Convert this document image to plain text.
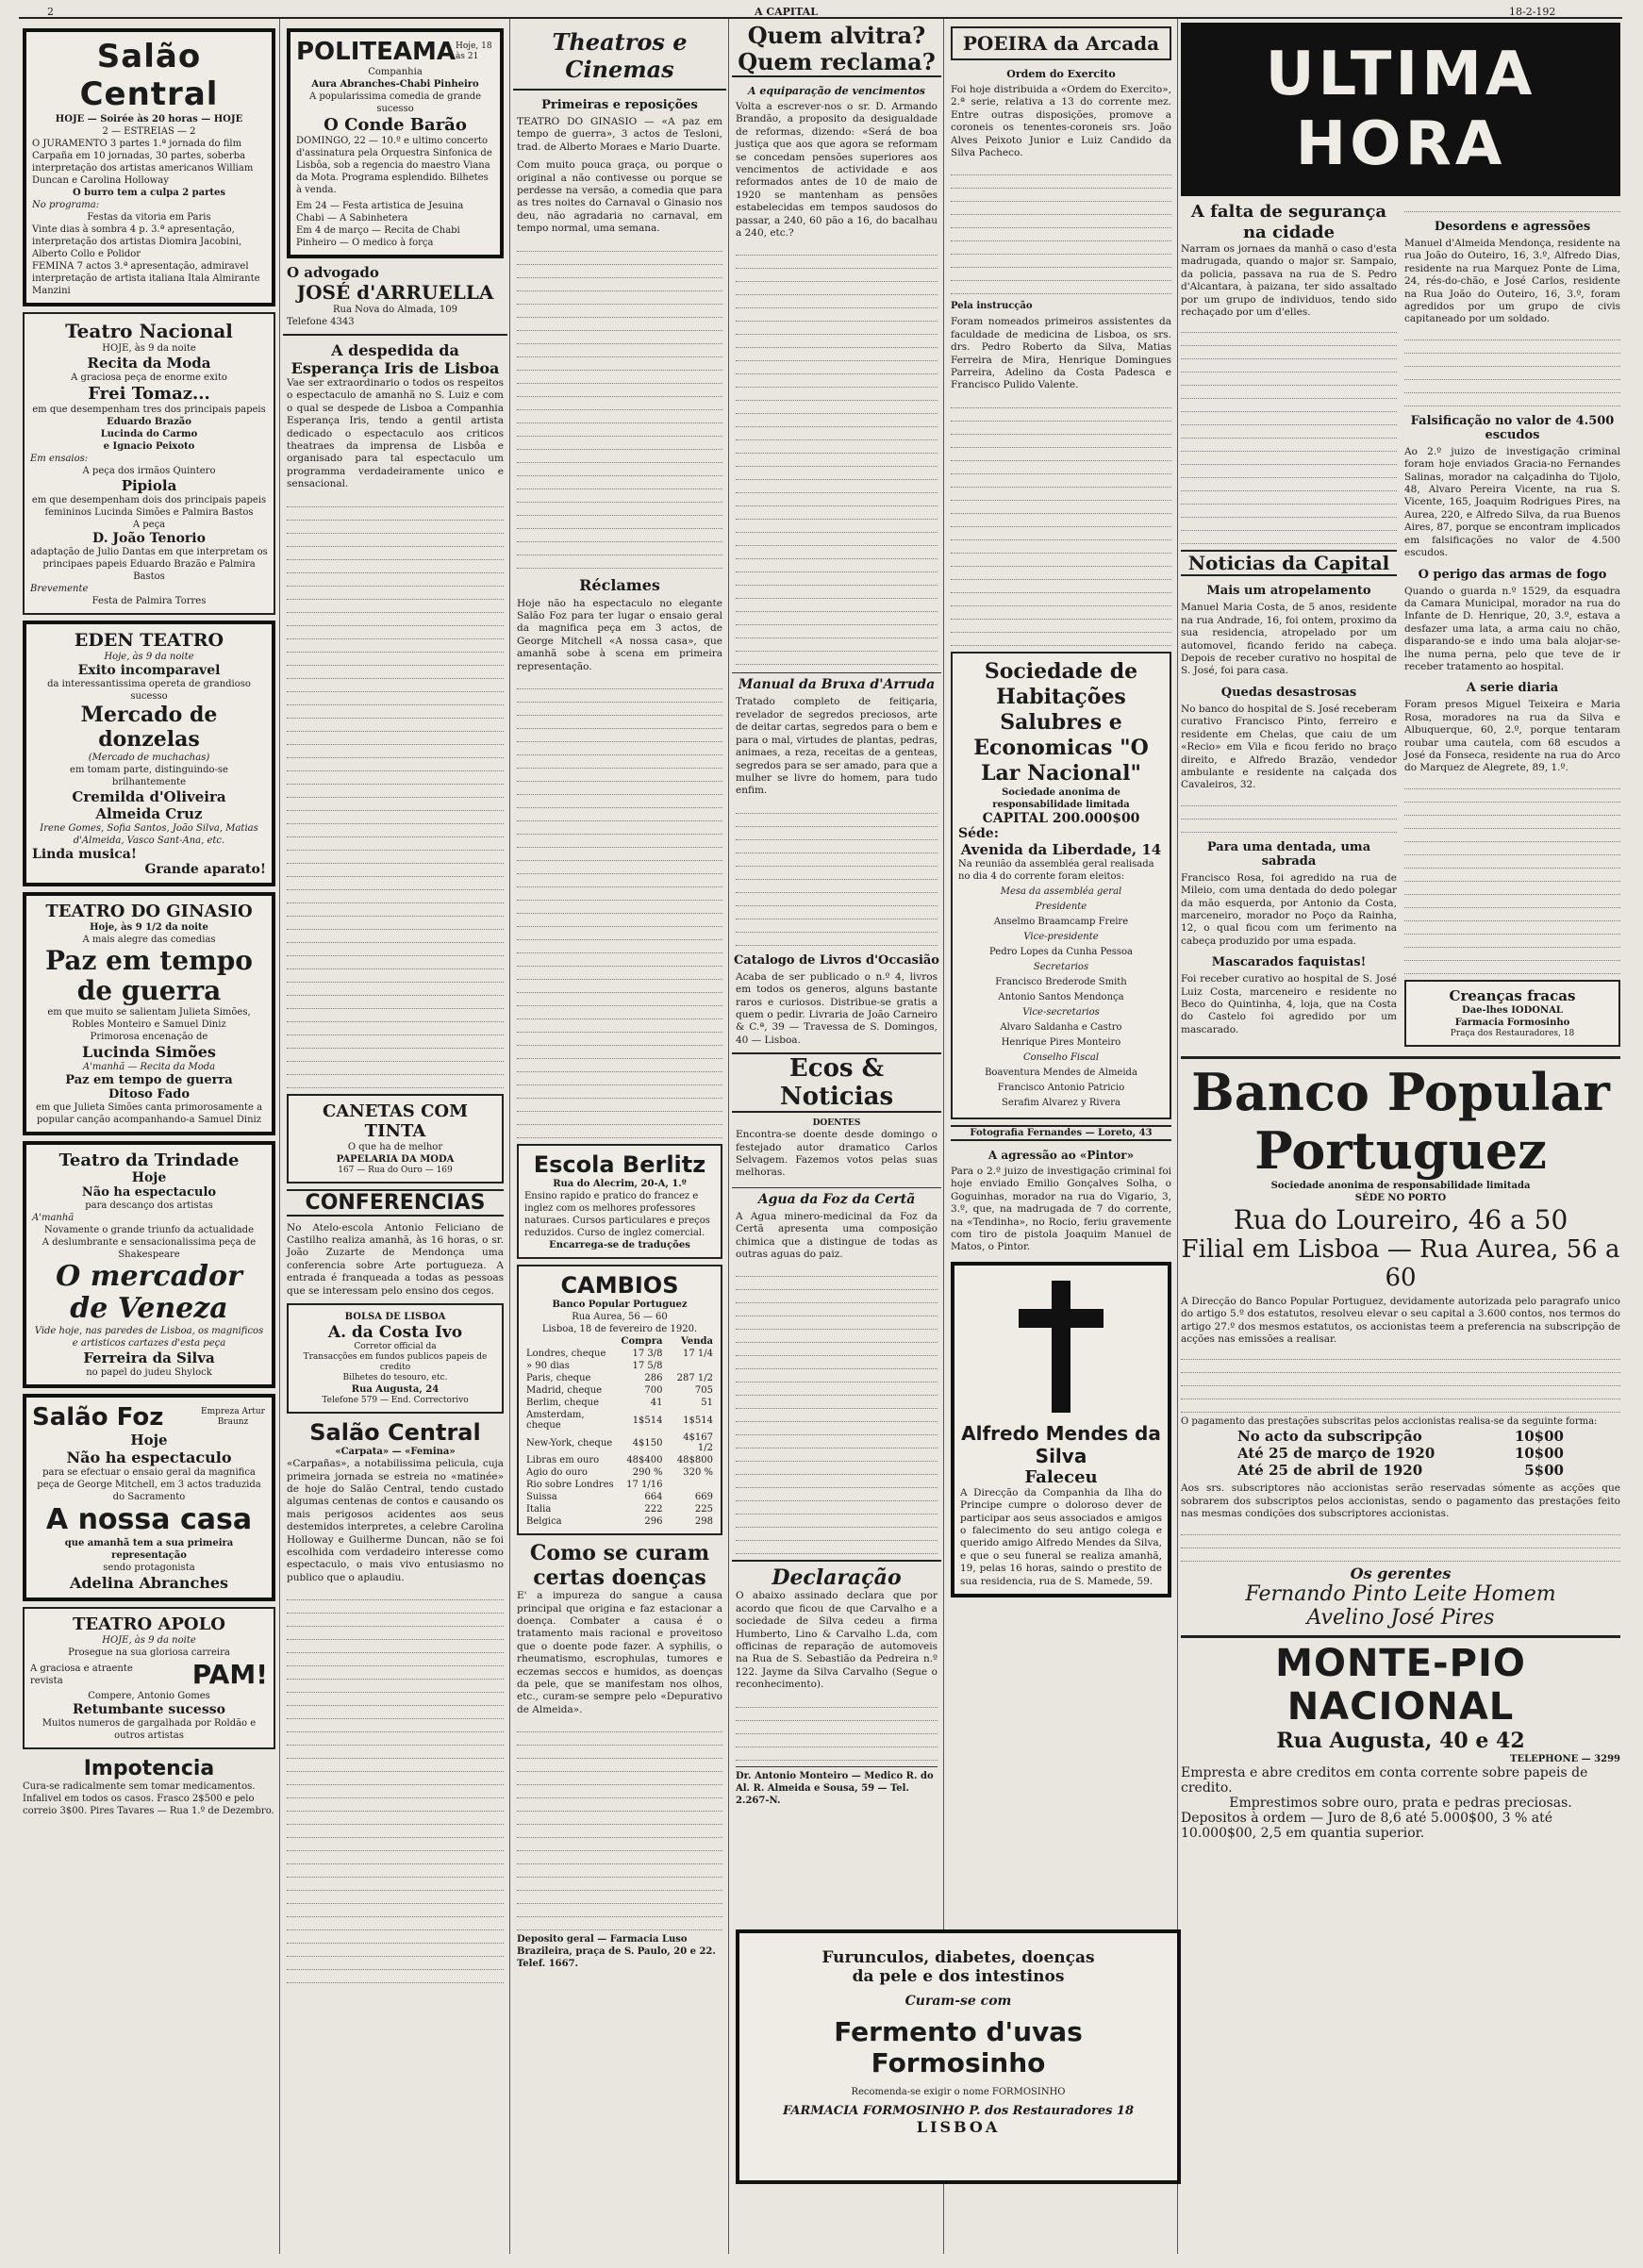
2	A CAPITAL	18-2-192
Salão Central
HOJE — Soirée às 20 horas — HOJE
2 — ESTREIAS — 2
O JURAMENTO 3 partes 1.ª jornada do film Carpaña em 10 jornadas, 30 partes, soberba interpretação dos artistas americanos William Duncan e Carolina Holloway
O burro tem a culpa 2 partes
No programa:
Festas da vitoria em Paris
Vinte dias à sombra 4 p. 3.ª apresentação, interpretação dos artistas Diomira Jacobini, Alberto Collo e Polidor
FEMINA 7 actos 3.ª apresentação, admiravel interpretação de artista italiana Itala Almirante Manzini
Teatro Nacional
HOJE, às 9 da noite
Recita da Moda
A graciosa peça de enorme exito
Frei Tomaz...
em que desempenham tres dos principais papeis
Eduardo Brazão
Lucinda do Carmo
e Ignacio Peixoto
Em ensaios:
A peça dos irmãos Quintero
Pipiola
em que desempenham dois dos principais papeis femininos Lucinda Simões e Palmira Bastos
A peça
D. João Tenorio
adaptação de Julio Dantas em que interpretam os principaes papeis Eduardo Brazão e Palmira Bastos
Brevemente
Festa de Palmira Torres
EDEN TEATRO
Hoje, às 9 da noite
Exito incomparavel
da interessantissima opereta de grandioso sucesso
Mercado de donzelas
(Mercado de muchachas)
em tomam parte, distinguindo-se brilhantemente
Cremilda d'Oliveira
Almeida Cruz
Irene Gomes, Sofia Santos, João Silva, Matias d'Almeida, Vasco Sant-Ana, etc.
Linda musica!
Grande aparato!
TEATRO DO GINASIO
Hoje, às 9 1/2 da noite
A mais alegre das comedias
Paz em tempo de guerra
em que muito se salientam Julieta Simões, Robles Monteiro e Samuel Diniz
Primorosa encenação de
Lucinda Simões
A'manhã — Recita da Moda
Paz em tempo de guerra
Ditoso Fado
em que Julieta Simões canta primorosamente a popular canção acompanhando-a Samuel Diniz
Teatro da Trindade
Hoje
Não ha espectaculo
para descanço dos artistas
A'manhã
Novamente o grande triunfo da actualidade
A deslumbrante e sensacionalissima peça de Shakespeare
O mercador de Veneza
Vide hoje, nas paredes de Lisboa, os magnificos e artisticos cartazes d'esta peça
Ferreira da Silva
no papel do judeu Shylock
Salão Foz	Empreza Artur Braunz
Hoje
Não ha espectaculo
para se efectuar o ensaio geral da magnifica peça de George Mitchell, em 3 actos traduzida do Sacramento
A nossa casa
que amanhã tem a sua primeira representação
sendo protagonista
Adelina Abranches
TEATRO APOLO
HOJE, às 9 da noite
Prosegue na sua gloriosa carreira
A graciosa e atraente revista	PAM!
Compere, Antonio Gomes
Retumbante sucesso
Muitos numeros de gargalhada por Roldão e outros artistas
Impotencia
Cura-se radicalmente sem tomar medicamentos. Infalivel em todos os casos. Frasco 2$500 e pelo correio 3$00. Pires Tavares — Rua 1.º de Dezembro.
POLITEAMA Hoje, 18 às 21
Companhia
Aura Abranches-Chabi Pinheiro
A popularissima comedia de grande sucesso
O Conde Barão
DOMINGO, 22 — 10.º e ultimo concerto d'assinatura pela Orquestra Sinfonica de Lisbôa, sob a regencia do maestro Viana da Mota. Programa esplendido. Bilhetes à venda.
Em 24 — Festa artistica de Jesuina Chabi — A Sabinhetera
Em 4 de março — Recita de Chabi Pinheiro — O medico à força
O advogado
JOSÉ d'ARRUELLA
Rua Nova do Almada, 109
Telefone 4343
A despedida da Esperança Iris de Lisboa
Vae ser extraordinario o todos os respeitos o espectaculo de amanhã no S. Luiz e com o qual se despede de Lisboa a Companhia Esperança Iris, tendo a gentil artista dedicado o espectaculo aos criticos theatraes da imprensa de Lisbôa e organisado para tal espectaculo um programma verdadeiramente unico e sensacional.
CANETAS COM TINTA
O que ha de melhor
PAPELARIA DA MODA
167 — Rua do Ouro — 169
CONFERENCIAS
No Atelo-escola Antonio Feliciano de Castilho realiza amanhã, às 16 horas, o sr. João Zuzarte de Mendonça uma conferencia sobre Arte portugueza. A entrada é franqueada a todas as pessoas que se interessam pelo ensino dos cegos.
BOLSA DE LISBOA
A. da Costa Ivo
Corretor official da
Transacções em fundos publicos papeis de credito
Bilhetes do tesouro, etc.
Rua Augusta, 24
Telefone 579 — End. Correctorivo
Salão Central
«Carpata» — «Femina»
«Carpañas», a notabilissima pelicula, cuja primeira jornada se estreia no «matinée» de hoje do Salão Central, tendo custado algumas centenas de contos e causando os mais perigosos acidentes aos seus destemidos interpretes, a celebre Carolina Holloway e Guilherme Duncan, não se foi escolhida com verdadeiro interesse como espectaculo, o mais vivo entusiasmo no publico que o aplaudiu.
Theatros e Cinemas
Primeiras e reposições
TEATRO DO GINASIO — «A paz em tempo de guerra», 3 actos de Tesloni, trad. de Alberto Moraes e Mario Duarte.
Com muito pouca graça, ou porque o original a não contivesse ou porque se perdesse na versão, a comedia que para as tres noites do Carnaval o Ginasio nos deu, não agradaria no carnaval, em tempo normal, uma semana.
Réclames
Hoje não ha espectaculo no elegante Salão Foz para ter lugar o ensaio geral da magnifica peça em 3 actos, de George Mitchell «A nossa casa», que amanhã sobe à scena em primeira representação.
Escola Berlitz
Rua do Alecrim, 20-A, 1.º
Ensino rapido e pratico do francez e inglez com os melhores professores naturaes. Cursos particulares e preços reduzidos. Curso de inglez comercial.
Encarrega-se de traduções
CAMBIOS
Banco Popular Portuguez
Rua Aurea, 56 — 60
Lisboa, 18 de fevereiro de 1920.
	Compra	Venda
Londres, cheque	17 3/8	17 1/4
» 90 dias	17 5/8	
Paris, cheque	286	287 1/2
Madrid, cheque	700	705
Berlim, cheque	41	51
Amsterdam, cheque	1$514	1$514
New-York, cheque	4$150	4$167 1/2
Libras em ouro	48$400	48$800
Agio do ouro	290 %	320 %
Rio sobre Londres	17 1/16	
Suissa	664	669
Italia	222	225
Belgica	296	298
Como se curam certas doenças
E' a impureza do sangue a causa principal que origina e faz estacionar a doença. Combater a causa é o tratamento mais racional e proveitoso que o doente pode fazer. A syphilis, o rheumatismo, escrophulas, tumores e eczemas seccos e humidos, as doenças da pele, que se manifestam nos olhos, etc., curam-se sempre pelo «Depurativo de Almeida».
Deposito geral — Farmacia Luso Brazileira, praça de S. Paulo, 20 e 22. Telef. 1667.
Quem alvitra? Quem reclama?
A equiparação de vencimentos
Volta a escrever-nos o sr. D. Armando Brandão, a proposito da desigualdade de reformas, dizendo: «Será de boa justiça que aos que agora se reformam se concedam pensões superiores aos vencimentos de actividade e aos reformados antes de 10 de maio de 1920 se mantenham as pensões estabelecidas em tempos saudosos do passar, a 240, 60 pão a 16, do bacalhau a 240, etc.?
Manual da Bruxa d'Arruda
Tratado completo de feitiçaria, revelador de segredos preciosos, arte de deitar cartas, segredos para o bem e para o mal, virtudes de plantas, pedras, animaes, a reza, receitas de a genteas, segredos para se ser amado, para que a mulher se livre do homem, para tudo enfim.
Catalogo de Livros d'Occasião
Acaba de ser publicado o n.º 4, livros em todos os generos, alguns bastante raros e curiosos. Distribue-se gratis a quem o pedir. Livraria de João Carneiro & C.ª, 39 — Travessa de S. Domingos, 40 — Lisboa.
Ecos & Noticias
DOENTES
Encontra-se doente desde domingo o festejado autor dramatico Carlos Selvagem. Fazemos votos pelas suas melhoras.
Agua da Foz da Certã
A Agua minero-medicinal da Foz da Certã apresenta uma composição chimica que a distingue de todas as outras aguas do paiz.
Declaração
O abaixo assinado declara que por acordo que ficou de que Carvalho e a sociedade de Silva cedeu a firma Humberto, Lino & Carvalho L.da, com officinas de reparação de automoveis na Rua de S. Sebastião da Pedreira n.º 122. Jayme da Silva Carvalho (Segue o reconhecimento).
Dr. Antonio Monteiro — Medico R. do Al. R. Almeida e Sousa, 59 — Tel. 2.267-N.
POEIRA da Arcada
Ordem do Exercito
Foi hoje distribuida a «Ordem do Exercito», 2.ª serie, relativa a 13 do corrente mez. Entre outras disposições, promove a coroneis os tenentes-coroneis srs. João Alves Peixoto Junior e Luiz Candido da Silva Pacheco.
Pela instrucção
Foram nomeados primeiros assistentes da faculdade de medicina de Lisboa, os srs. drs. Pedro Roberto da Silva, Matias Ferreira de Mira, Henrique Domingues Parreira, Adelino da Costa Padesca e Francisco Pulido Valente.
Sociedade de Habitações Salubres e Economicas "O Lar Nacional"
Sociedade anonima de responsabilidade limitada
CAPITAL 200.000$00
Séde:
Avenida da Liberdade, 14
Na reunião da assembléa geral realisada no dia 4 do corrente foram eleitos:
Mesa da assembléa geral
Presidente
Anselmo Braamcamp Freire
Vice-presidente
Pedro Lopes da Cunha Pessoa
Secretarios
Francisco Brederode Smith
Antonio Santos Mendonça
Vice-secretarios
Alvaro Saldanha e Castro
Henrique Pires Monteiro
Conselho Fiscal
Boaventura Mendes de Almeida
Francisco Antonio Patricio
Serafim Alvarez y Rivera
Fotografia Fernandes — Loreto, 43
A agressão ao «Pintor»
Para o 2.º juizo de investigação criminal foi hoje enviado Emilio Gonçalves Solha, o Goguinhas, morador na rua do Vigario, 3, 3.º, que, na madrugada de 7 do corrente, na «Tendinha», no Rocio, feriu gravemente com tiro de pistola Joaquim Manuel de Matos, o Pintor.
Alfredo Mendes da Silva
Faleceu
A Direcção da Companhia da Ilha do Principe cumpre o doloroso dever de participar aos seus associados e amigos o falecimento do seu antigo colega e querido amigo Alfredo Mendes da Silva, e que o seu funeral se realiza amanhã, 19, pelas 16 horas, saindo o prestito de sua residencia, rua de S. Mamede, 59.
Furunculos, diabetes, doenças
da pele e dos intestinos
Curam-se com
Fermento d'uvas Formosinho
Recomenda-se exigir o nome FORMOSINHO
FARMACIA FORMOSINHO P. dos Restauradores 18
LISBOA
ULTIMA HORA
A falta de segurança na cidade
Narram os jornaes da manhã o caso d'esta madrugada, quando o major sr. Sampaio, da policia, passava na rua de S. Pedro d'Alcantara, à paizana, ter sido assaltado por um grupo de individuos, tendo sido rechaçado por um d'elles.
Noticias da Capital
Mais um atropelamento
Manuel Maria Costa, de 5 anos, residente na rua Andrade, 16, foi ontem, proximo da sua residencia, atropelado por um automovel, ficando ferido na cabeça. Depois de receber curativo no hospital de S. José, foi para casa.
Quedas desastrosas
No banco do hospital de S. José receberam curativo Francisco Pinto, ferreiro e residente em Chelas, que caiu de um «Recio» em Vila e ficou ferido no braço direito, e Alfredo Brazão, vendedor ambulante e residente na calçada dos Cavaleiros, 32.
Para uma dentada, uma sabrada
Francisco Rosa, foi agredido na rua de Mileio, com uma dentada do dedo polegar da mão esquerda, por Antonio da Costa, marceneiro, morador no Poço da Rainha, 12, o qual ficou com um ferimento na cabeça produzido por uma espada.
Mascarados faquistas!
Foi receber curativo ao hospital de S. José Luiz Costa, marceneiro e residente no Beco do Quintinha, 4, loja, que na Costa do Castelo foi agredido por um mascarado.
Desordens e agressões
Manuel d'Almeida Mendonça, residente na rua João do Outeiro, 16, 3.º, Alfredo Dias, residente na rua Marquez Ponte de Lima, 24, rés-do-chão, e José Carlos, residente na Rua João do Outeiro, 16, 3.º, foram agredidos por um grupo de civis capitaneado por um soldado.
Falsificação no valor de 4.500 escudos
Ao 2.º juizo de investigação criminal foram hoje enviados Gracia-no Fernandes Salinas, morador na calçadinha do Tijolo, 48, Alvaro Pereira Vicente, na rua S. Vicente, 165, Joaquim Rodrigues Pires, na Aurea, 220, e Alfredo Silva, da rua Buenos Aires, 87, porque se encontram implicados em falsificações no valor de 4.500 escudos.
O perigo das armas de fogo
Quando o guarda n.º 1529, da esquadra da Camara Municipal, morador na rua do Infante de D. Henrique, 20, 3.º, estava a desfazer uma lata, a arma caiu no chão, disparando-se e indo uma bala alojar-se-lhe numa perna, pelo que teve de ir receber tratamento ao hospital.
A serie diaria
Foram presos Miguel Teixeira e Maria Rosa, moradores na rua da Silva e Albuquerque, 60, 2.º, porque tentaram roubar uma cautela, com 68 escudos a José da Fonseca, residente na rua do Arco do Marquez de Alegrete, 89, 1.º.
Creanças fracas
Dae-lhes IODONAL
Farmacia Formosinho
Praça dos Restauradores, 18
Banco Popular
Portuguez
Sociedade anonima de responsabilidade limitada
SÉDE NO PORTO
Rua do Loureiro, 46 a 50
Filial em Lisboa — Rua Aurea, 56 a 60
A Direcção do Banco Popular Portuguez, devidamente autorizada pelo paragrafo unico do artigo 5.º dos estatutos, resolveu elevar o seu capital a 3.600 contos, nos termos do artigo 27.º dos mesmos estatutos, os accionistas teem a preferencia na subscripção de acções nas emissões a realisar.
O pagamento das prestações subscritas pelos accionistas realisa-se da seguinte forma:
No acto da subscripção	10$00
Até 25 de março de 1920	10$00
Até 25 de abril de 1920	5$00
Aos srs. subscriptores não accionistas serão reservadas sómente as acções que sobrarem dos subscriptos pelos accionistas, sendo o pagamento das prestações feito nas mesmas condições dos subscriptores accionistas.
Os gerentes
Fernando Pinto Leite Homem
Avelino José Pires
MONTE-PIO NACIONAL
Rua Augusta, 40 e 42
TELEPHONE — 3299
Empresta e abre creditos em conta corrente sobre papeis de credito.
Emprestimos sobre ouro, prata e pedras preciosas.
Depositos à ordem — Juro de 8,6 até 5.000$00, 3 % até 10.000$00, 2,5 em quantia superior.
